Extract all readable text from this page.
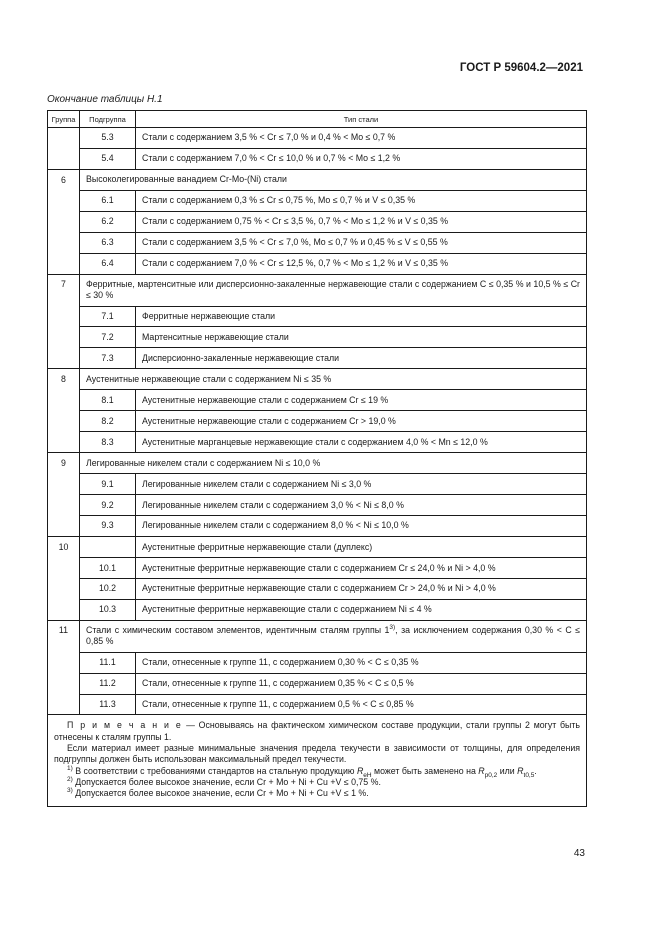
ГОСТ Р 59604.2—2021
Окончание таблицы Н.1
Группа	Подгруппа	Тип стали
	5.3	Стали с содержанием 3,5 % < Cr ≤ 7,0 % и 0,4 % < Mo ≤ 0,7 %
	5.4	Стали с содержанием 7,0 % < Cr ≤ 10,0 % и 0,7 % < Mo ≤ 1,2 %
6	Высоколегированные ванадием Cr-Mo-(Ni) стали	
	6.1	Стали с содержанием 0,3 % ≤ Cr ≤ 0,75 %, Mo ≤ 0,7 % и V ≤ 0,35 %
	6.2	Стали с содержанием 0,75 % < Cr ≤ 3,5 %, 0,7 % < Mo ≤ 1,2 % и V ≤ 0,35 %
	6.3	Стали с содержанием 3,5 % < Cr ≤ 7,0 %, Mo ≤ 0,7 % и 0,45 % ≤ V ≤ 0,55 %
	6.4	Стали с содержанием 7,0 % < Cr ≤ 12,5 %, 0,7 % < Mo ≤ 1,2 % и V ≤ 0,35 %
7	Ферритные, мартенситные или дисперсионно-закаленные нержавеющие стали с содержанием C ≤ 0,35 % и 10,5 % ≤ Cr ≤ 30 %	
	7.1	Ферритные нержавеющие стали
	7.2	Мартенситные нержавеющие стали
	7.3	Дисперсионно-закаленные нержавеющие стали
8	Аустенитные нержавеющие стали с содержанием Ni ≤ 35 %	
	8.1	Аустенитные нержавеющие стали с содержанием Cr ≤ 19 %
	8.2	Аустенитные нержавеющие стали с содержанием Cr > 19,0 %
	8.3	Аустенитные марганцевые нержавеющие стали с содержанием 4,0 % < Mn ≤ 12,0 %
9	Легированные никелем стали с содержанием Ni ≤ 10,0 %	
	9.1	Легированные никелем стали с содержанием Ni ≤ 3,0 %
	9.2	Легированные никелем стали с содержанием 3,0 % < Ni ≤ 8,0 %
	9.3	Легированные никелем стали с содержанием 8,0 % < Ni ≤ 10,0 %
10		Аустенитные ферритные нержавеющие стали (дуплекс)
	10.1	Аустенитные ферритные нержавеющие стали с содержанием Cr ≤ 24,0 % и Ni > 4,0 %
	10.2	Аустенитные ферритные нержавеющие стали с содержанием Cr > 24,0 % и Ni > 4,0 %
	10.3	Аустенитные ферритные нержавеющие стали с содержанием Ni ≤ 4 %
11	Стали с химическим составом элементов, идентичным сталям группы 1$^{3)}$, за исключением содержания 0,30 % < C ≤ 0,85 %	
	11.1	Стали, отнесенные к группе 11, с содержанием 0,30 % < C ≤ 0,35 %
	11.2	Стали, отнесенные к группе 11, с содержанием 0,35 % < C ≤ 0,5 %
	11.3	Стали, отнесенные к группе 11, с содержанием 0,5 % < C ≤ 0,85 %

П р и м е ч а н и е — Основываясь на фактическом химическом составе продукции, стали группы 2 могут быть отнесены к сталям группы 1.

Если материал имеет разные минимальные значения предела текучести в зависимости от толщины, для определения подгруппы должен быть использован максимальный предел текучести.

$^{1)}$ В соответствии с требованиями стандартов на стальную продукцию $R_{eH}$ может быть заменено на $R_{p0,2}$ или $R_{t0,5}$.

$^{2)}$ Допускается более высокое значение, если Cr + Mo + Ni + Cu +V ≤ 0,75 %.

$^{3)}$ Допускается более высокое значение, если Cr + Mo + Ni + Cu +V ≤ 1 %.		

43
